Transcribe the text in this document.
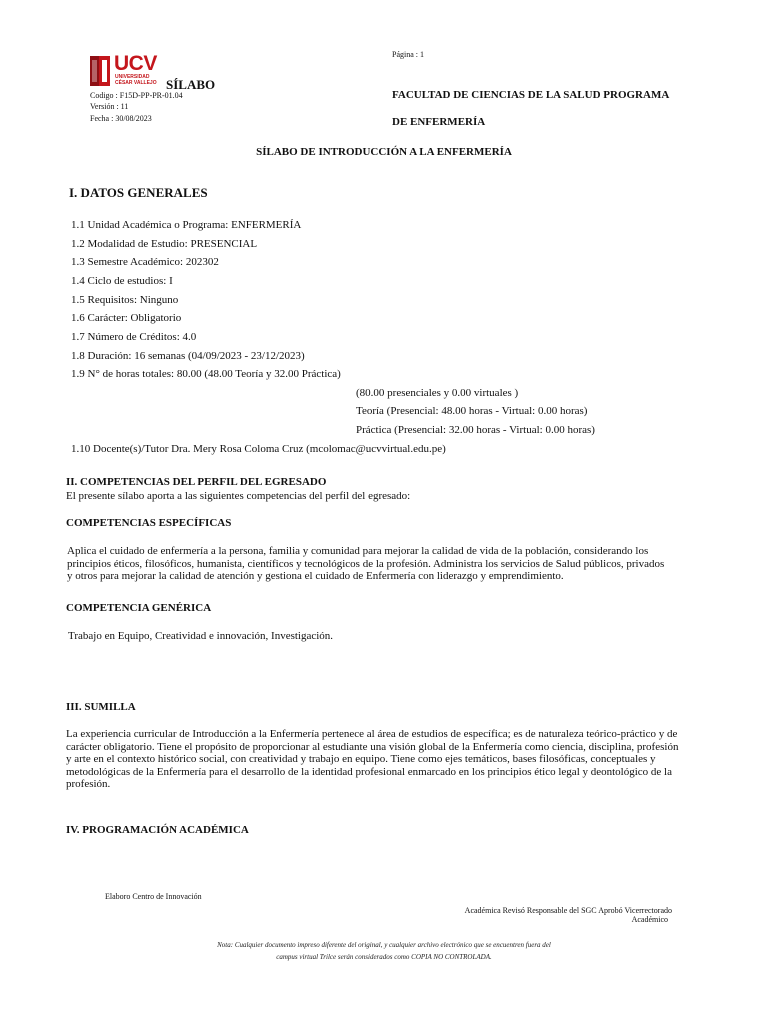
Página : 1
UCV
UNIVERSIDAD
CÉSAR VALLEJO SÍLABO
Codigo : F15D-PP-PR-01.04
Versión : 11
Fecha : 30/08/2023
FACULTAD DE CIENCIAS DE LA SALUD PROGRAMA
DE ENFERMERÍA
SÍLABO DE INTRODUCCIÓN A LA ENFERMERÍA
I. DATOS GENERALES
1.1 Unidad Académica o Programa: ENFERMERÍA
1.2 Modalidad de Estudio: PRESENCIAL
1.3 Semestre Académico: 202302
1.4 Ciclo de estudios: I
1.5 Requisitos: Ninguno
1.6 Carácter: Obligatorio
1.7 Número de Créditos: 4.0
1.8 Duración: 16 semanas (04/09/2023 - 23/12/2023)
1.9 N° de horas totales: 80.00 (48.00 Teoría y 32.00 Práctica)
(80.00 presenciales y 0.00 virtuales )
Teoría (Presencial: 48.00 horas - Virtual: 0.00 horas)
Práctica (Presencial: 32.00 horas - Virtual: 0.00 horas)
1.10 Docente(s)/Tutor Dra. Mery Rosa Coloma Cruz (mcolomac@ucvvirtual.edu.pe)
II. COMPETENCIAS DEL PERFIL DEL EGRESADO
El presente sílabo aporta a las siguientes competencias del perfil del egresado:
COMPETENCIAS ESPECÍFICAS
Aplica el cuidado de enfermería a la persona, familia y comunidad para mejorar la calidad de vida de la población, considerando los
principios éticos, filosóficos, humanista, científicos y tecnológicos de la profesión. Administra los servicios de Salud públicos, privados
y otros para mejorar la calidad de atención y gestiona el cuidado de Enfermería con liderazgo y emprendimiento.
COMPETENCIA GENÉRICA
Trabajo en Equipo, Creatividad e innovación, Investigación.
III. SUMILLA
La experiencia curricular de Introducción a la Enfermería pertenece al área de estudios de específica; es de naturaleza teórico-práctico y de
carácter obligatorio. Tiene el propósito de proporcionar al estudiante una visión global de la Enfermería como ciencia, disciplina, profesión
y arte en el contexto histórico social, con creatividad y trabajo en equipo. Tiene como ejes temáticos, bases filosóficas, conceptuales y
metodológicas de la Enfermería para el desarrollo de la identidad profesional enmarcado en los principios ético legal y deontológico de la
profesión.
IV. PROGRAMACIÓN ACADÉMICA
Elaboro Centro de Innovación
Académica Revisó Responsable del SGC Aprobó Vicerrectorado
Académico
Nota: Cualquier documento impreso diferente del original, y cualquier archivo electrónico que se encuentren fuera del
campus virtual Trilce serán considerados como COPIA NO CONTROLADA.
